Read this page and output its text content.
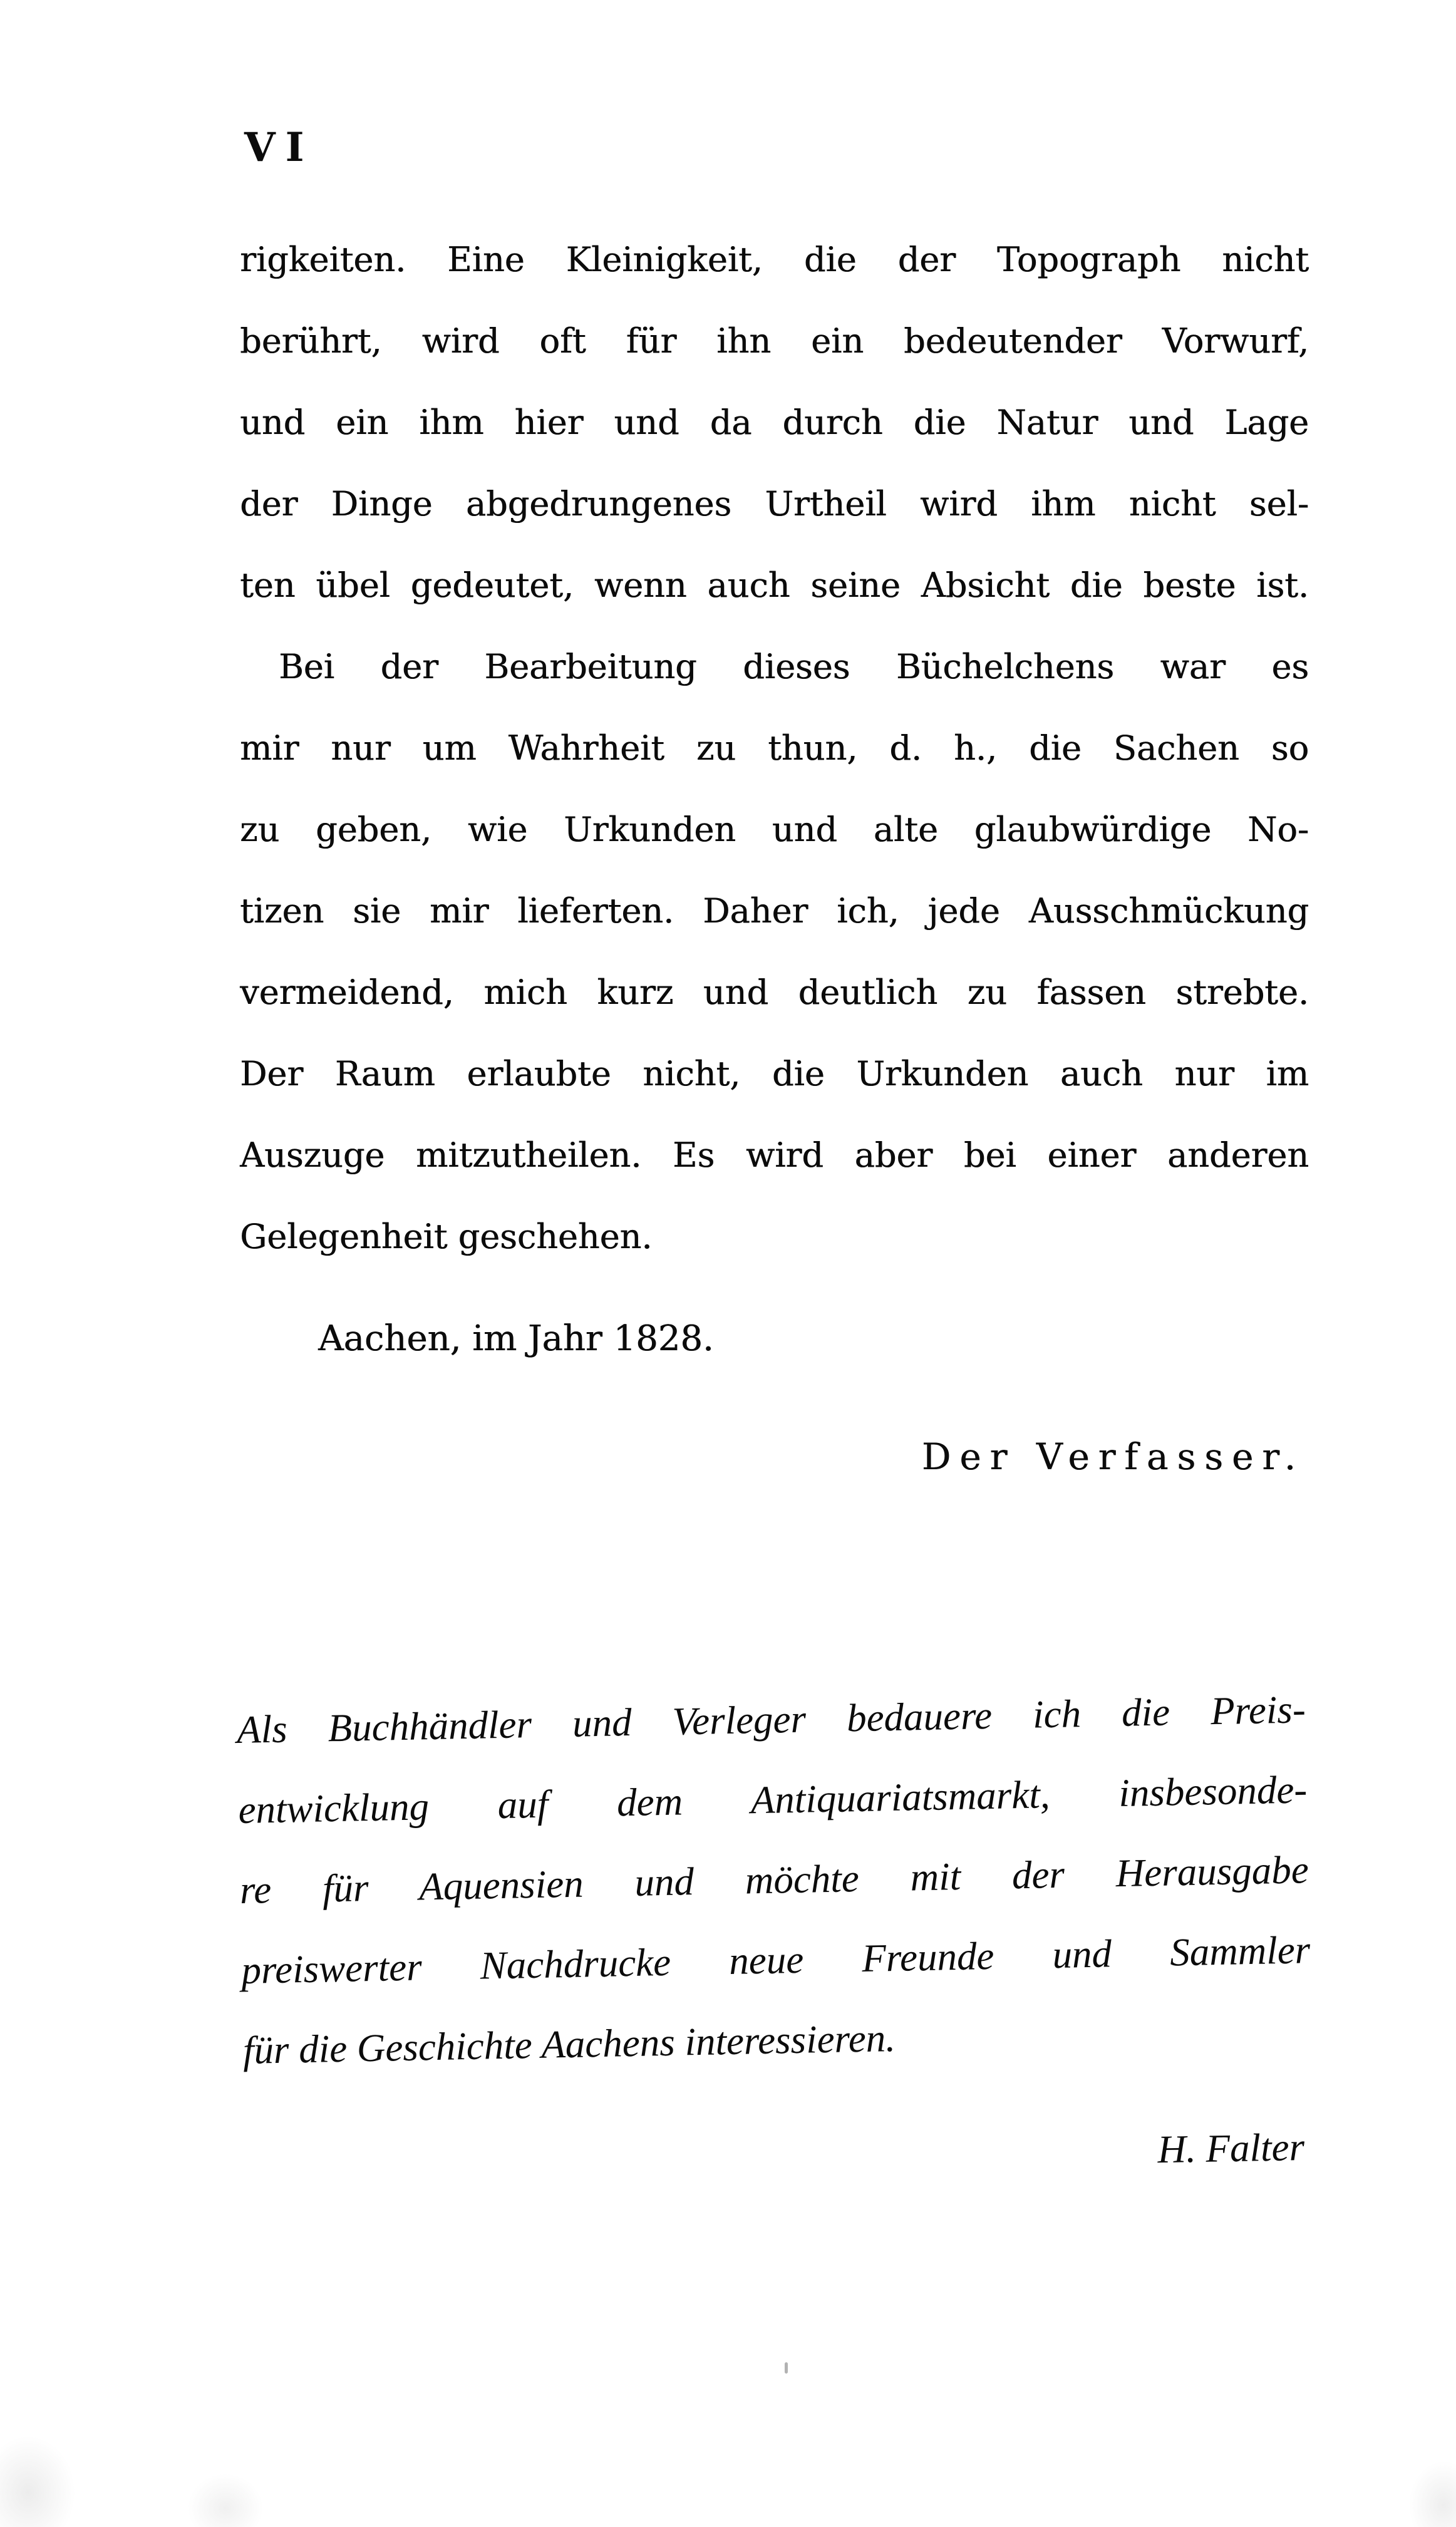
VI
rigkeiten. Eine Kleinigkeit, die der Topograph nicht
berührt, wird oft für ihn ein bedeutender Vorwurf,
und ein ihm hier und da durch die Natur und Lage
der Dinge abgedrungenes Urtheil wird ihm nicht sel-
ten übel gedeutet, wenn auch seine Absicht die beste ist.
Bei der Bearbeitung dieses Büchelchens war es
mir nur um Wahrheit zu thun, d. h., die Sachen so
zu geben, wie Urkunden und alte glaubwürdige No-
tizen sie mir lieferten. Daher ich, jede Ausschmückung
vermeidend, mich kurz und deutlich zu fassen strebte.
Der Raum erlaubte nicht, die Urkunden auch nur im
Auszuge mitzutheilen. Es wird aber bei einer anderen
Gelegenheit geschehen.
Aachen, im Jahr 1828.
Der Verfasser.
Als Buchhändler und Verleger bedauere ich die Preis-
entwicklung auf dem Antiquariatsmarkt, insbesonde-
re für Aquensien und möchte mit der Herausgabe
preiswerter Nachdrucke neue Freunde und Sammler
für die Geschichte Aachens interessieren.
H. Falter
